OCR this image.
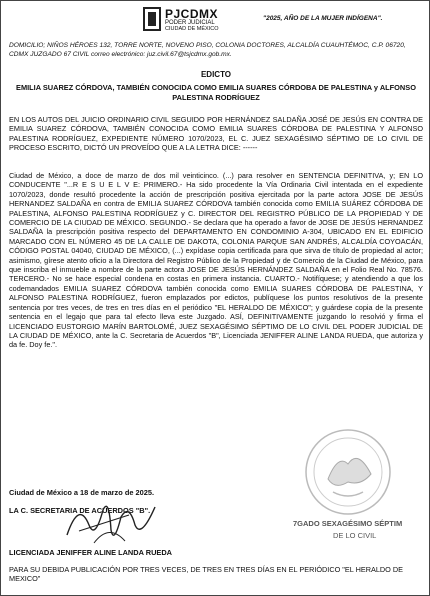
PJCDMX
PODER JUDICIAL
CIUDAD DE MÉXICO
"2025, AÑO DE LA MUJER INDÍGENA".
DOMICILIO; NIÑOS HÉROES 132, TORRE NORTE, NOVENO PISO, COLONIA DOCTORES, ALCALDÍA CUAUHTÉMOC, C.P. 06720, CDMX JUZGADO 67 CIVIL correo electrónico: juz.civil.67@tsjcdmx.gob.mx.
EDICTO
EMILIA SUAREZ CÓRDOVA, TAMBIÉN CONOCIDA COMO EMILIA SUARES CÓRDOBA DE PALESTINA y ALFONSO PALESTINA RODRÍGUEZ
EN LOS AUTOS DEL JUICIO ORDINARIO CIVIL SEGUIDO POR HERNÁNDEZ SALDAÑA JOSÉ DE JESÚS EN CONTRA DE EMILIA SUAREZ CÓRDOVA, TAMBIÉN CONOCIDA COMO EMILIA SUARES CÓRDOBA DE PALESTINA Y ALFONSO PALESTINA RODRÍGUEZ, EXPEDIENTE NÚMERO 1070/2023, EL C. JUEZ SEXAGÉSIMO SÉPTIMO DE LO CIVIL DE PROCESO ESCRITO, DICTÓ UN PROVEÍDO QUE A LA LETRA DICE: ------
Ciudad de México, a doce de marzo de dos mil veinticinco. (...) para resolver en SENTENCIA DEFINITIVA, y; EN LO CONDUCENTE "...R E S U E L V E: PRIMERO.- Ha sido procedente la Vía Ordinaria Civil intentada en el expediente 1070/2023, donde resultó procedente la acción de prescripción positiva ejercitada por la parte actora JOSE DE JESÚS HERNANDEZ SALDAÑA en contra de EMILIA SUAREZ CÓRDOVA también conocida como EMILIA SUÁREZ CÓRDOBA DE PALESTINA, ALFONSO PALESTINA RODRÍGUEZ y C. DIRECTOR DEL REGISTRO PÚBLICO DE LA PROPIEDAD Y DE COMERCIO DE LA CIUDAD DE MÉXICO. SEGUNDO.- Se declara que ha operado a favor de JOSE DE JESÚS HERNANDEZ SALDAÑA la prescripción positiva respecto del DEPARTAMENTO EN CONDOMINIO A-304, UBICADO EN EL EDIFICIO MARCADO CON EL NÚMERO 45 DE LA CALLE DE DAKOTA, COLONIA PARQUE SAN ANDRÉS, ALCALDÍA COYOACÁN, CÓDIGO POSTAL 04040, CIUDAD DE MÉXICO, (...) expídase copia certificada para que sirva de título de propiedad al actor; asimismo, gírese atento oficio a la Directora del Registro Público de la Propiedad y de Comercio de la Ciudad de México, para que inscriba el inmueble a nombre de la parte actora JOSE DE JESÚS HERNÁNDEZ SALDAÑA en el Folio Real No. 78576. TERCERO.- No se hace especial condena en costas en primera instancia. CUARTO.- Notifíquese; y atendiendo a que los codemandados EMILIA SUAREZ CÓRDOVA también conocida como EMILIA SUARES CÓRDOBA DE PALESTINA, Y ALFONSO PALESTINA RODRÍGUEZ, fueron emplazados por edictos, publíquese los puntos resolutivos de la presente sentencia por tres veces, de tres en tres días en el periódico "EL HERALDO DE MÉXICO"; y guárdese copia de la presente sentencia en el legajo que para tal efecto lleva este Juzgado. ASÍ, DEFINITIVAMENTE juzgando lo resolvió y firma el LICENCIADO EUSTORGIO MARÍN BARTOLOMÉ, JUEZ SEXAGÉSIMO SÉPTIMO DE LO CIVIL DEL PODER JUDICIAL DE LA CIUDAD DE MÉXICO, ante la C. Secretaria de Acuerdos "B", Licenciada JENIFFER ALINE LANDA RUEDA, que autoriza y da fe. Doy fe.".
7GADO SEXAGÉSIMO SÉPTIM
DE LO CIVIL
Ciudad de México a 18 de marzo de 2025.
LA C. SECRETARIA DE ACUERDOS "B".
LICENCIADA JENIFFER ALINE LANDA RUEDA
PARA SU DEBIDA PUBLICACIÓN POR TRES VECES, DE TRES EN TRES DÍAS EN EL PERIÓDICO "EL HERALDO DE MEXICO"
